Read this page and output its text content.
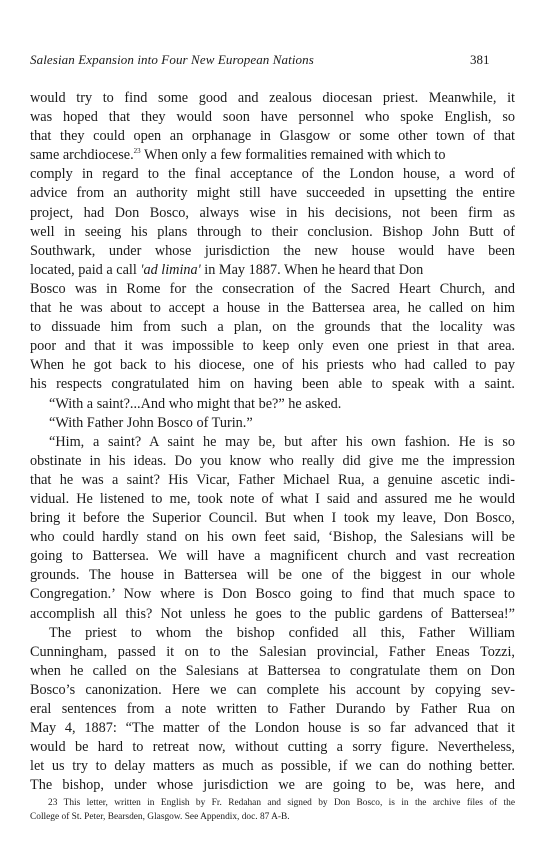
Salesian Expansion into Four New European Nations	381
would try to find some good and zealous diocesan priest. Meanwhile, it
was hoped that they would soon have personnel who spoke English, so
that they could open an orphanage in Glasgow or some other town of that
same archdiocese.$^{23}$ When only a few formalities remained with which to
comply in regard to the final acceptance of the London house, a word of
advice from an authority might still have succeeded in upsetting the entire
project, had Don Bosco, always wise in his decisions, not been firm as
well in seeing his plans through to their conclusion. Bishop John Butt of
Southwark, under whose jurisdiction the new house would have been
located, paid a call 'ad limina' in May 1887. When he heard that Don
Bosco was in Rome for the consecration of the Sacred Heart Church, and
that he was about to accept a house in the Battersea area, he called on him
to dissuade him from such a plan, on the grounds that the locality was
poor and that it was impossible to keep only even one priest in that area.
When he got back to his diocese, one of his priests who had called to pay
his respects congratulated him on having been able to speak with a saint.
“With a saint?...And who might that be?” he asked.
“With Father John Bosco of Turin.”
“Him, a saint? A saint he may be, but after his own fashion. He is so
obstinate in his ideas. Do you know who really did give me the impression
that he was a saint? His Vicar, Father Michael Rua, a genuine ascetic indi-
vidual. He listened to me, took note of what I said and assured me he would
bring it before the Superior Council. But when I took my leave, Don Bosco,
who could hardly stand on his own feet said, ‘Bishop, the Salesians will be
going to Battersea. We will have a magnificent church and vast recreation
grounds. The house in Battersea will be one of the biggest in our whole
Congregation.’ Now where is Don Bosco going to find that much space to
accomplish all this? Not unless he goes to the public gardens of Battersea!”
The priest to whom the bishop confided all this, Father William
Cunningham, passed it on to the Salesian provincial, Father Eneas Tozzi,
when he called on the Salesians at Battersea to congratulate them on Don
Bosco’s canonization. Here we can complete his account by copying sev-
eral sentences from a note written to Father Durando by Father Rua on
May 4, 1887: “The matter of the London house is so far advanced that it
would be hard to retreat now, without cutting a sorry figure. Nevertheless,
let us try to delay matters as much as possible, if we can do nothing better.
The bishop, under whose jurisdiction we are going to be, was here, and
23 This letter, written in English by Fr. Redahan and signed by Don Bosco, is in the archive files of the
College of St. Peter, Bearsden, Glasgow. See Appendix, doc. 87 A-B.
